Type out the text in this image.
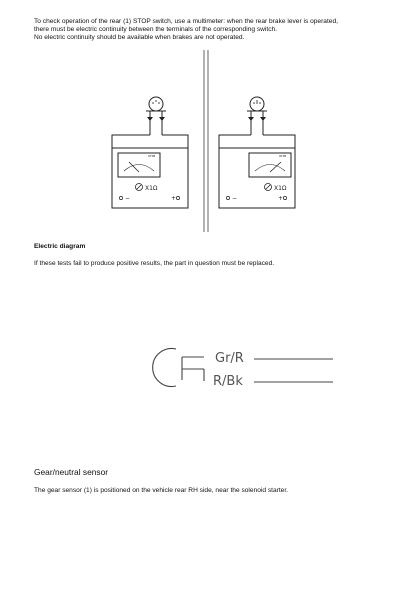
To check operation of the rear (1) STOP switch, use a multimeter: when the rear brake lever is operated,
there must be electric continuity between the terminals of the corresponding switch.
No electric continuity should be available when brakes are not operated.

OHM
X1Ω
−	+
OHM
X1Ω
−	+
Gr/R
R/Bk

Electric diagram

If these tests fail to produce positive results, the part in question must be replaced.

Gear/neutral sensor

The gear sensor (1) is positioned on the vehicle rear RH side, near the solenoid starter.
